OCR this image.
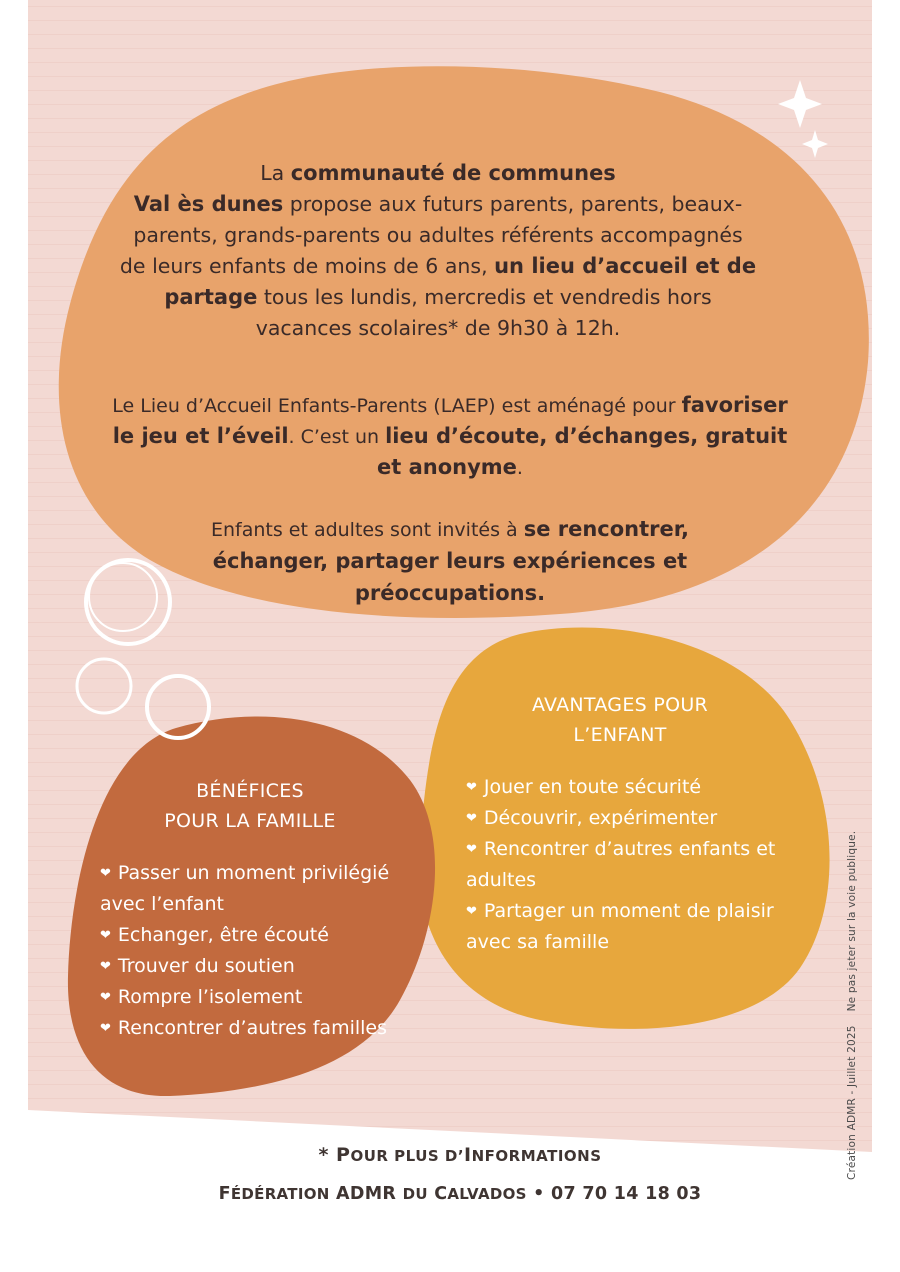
La communauté de communes
Val ès dunes propose aux futurs parents, parents, beaux-parents, grands-parents ou adultes référents accompagnés de leurs enfants de moins de 6 ans, un lieu d’accueil et de partage tous les lundis, mercredis et vendredis hors vacances scolaires* de 9h30 à 12h.
Le Lieu d’Accueil Enfants-Parents (LAEP) est aménagé pour favoriser le jeu et l’éveil. C’est un lieu d’écoute, d’échanges, gratuit et anonyme.
Enfants et adultes sont invités à se rencontrer, échanger, partager leurs expériences et préoccupations.
AVANTAGES POUR
L’ENFANT
❤ Jouer en toute sécurité
❤ Découvrir, expérimenter
❤ Rencontrer d’autres enfants et adultes
❤ Partager un moment de plaisir avec sa famille
BÉNÉFICES
POUR LA FAMILLE
❤ Passer un moment privilégié avec l’enfant
❤ Echanger, être écouté
❤ Trouver du soutien
❤ Rompre l’isolement
❤ Rencontrer d’autres familles
* POUR PLUS D’INFORMATIONS
FÉDÉRATION ADMR DU CALVADOS • 07 70 14 18 03
Création ADMR - Juillet 2025Ne pas jeter sur la voie publique.
